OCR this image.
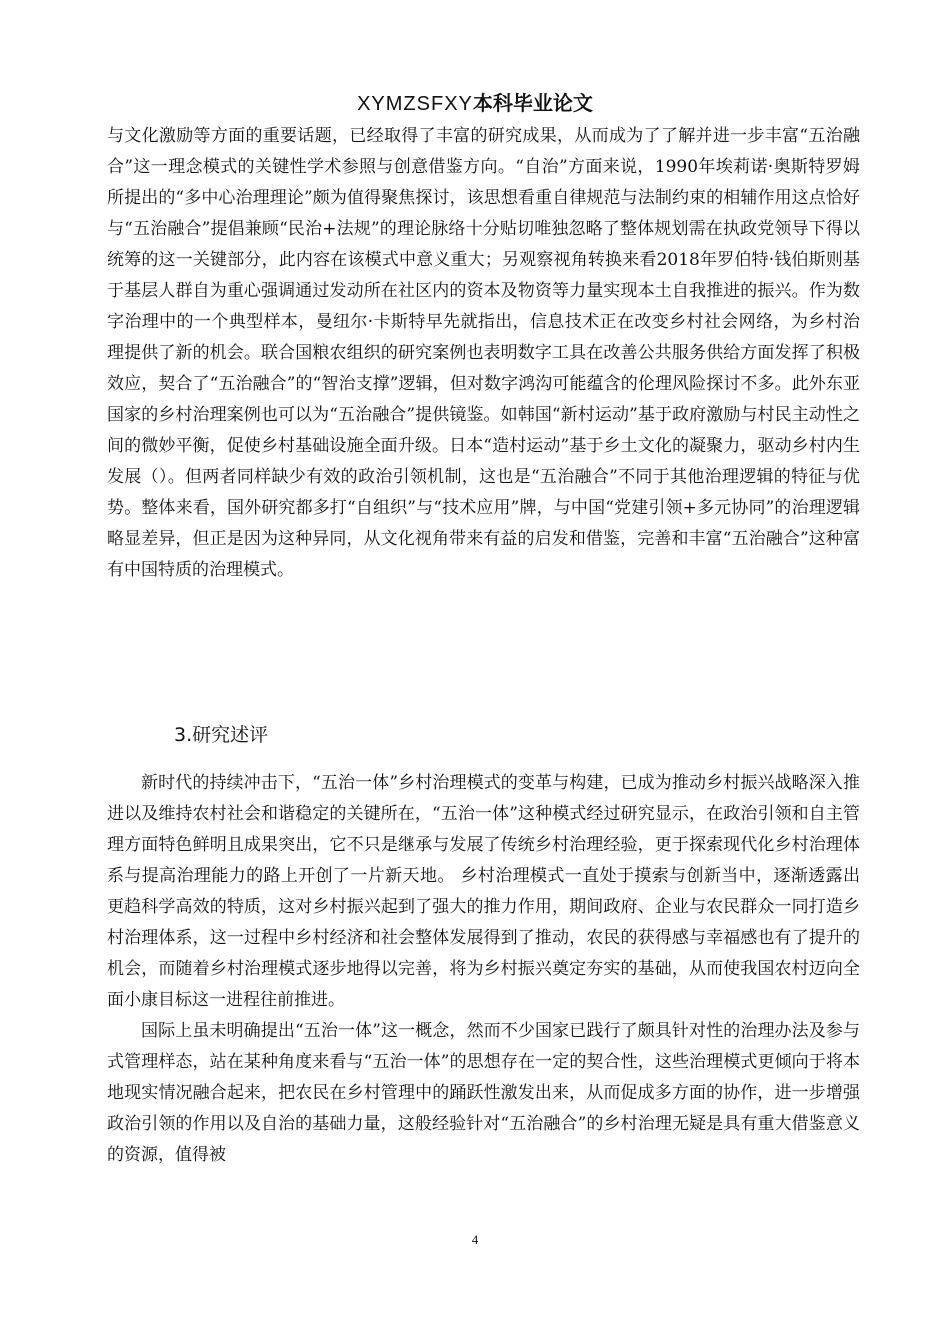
XYMZSFXY本科毕业论文

与文化激励等方面的重要话题，已经取得了丰富的研究成果，从而成为了了解并进一步丰富“五治融合”这一理念模式的关键性学术参照与创意借鉴方向。“自治”方面来说，1990年埃莉诺·奥斯特罗姆所提出的“多中心治理理论”颇为值得聚焦探讨，该思想看重自律规范与法制约束的相辅作用这点恰好与“五治融合”提倡兼顾“民治+法规”的理论脉络十分贴切唯独忽略了整体规划需在执政党领导下得以统筹的这一关键部分，此内容在该模式中意义重大；另观察视角转换来看2018年罗伯特·钱伯斯则基于基层人群自为重心强调通过发动所在社区内的资本及物资等力量实现本土自我推进的振兴。作为数字治理中的一个典型样本，曼纽尔·卡斯特早先就指出，信息技术正在改变乡村社会网络，为乡村治理提供了新的机会。联合国粮农组织的研究案例也表明数字工具在改善公共服务供给方面发挥了积极效应，契合了“五治融合”的“智治支撑”逻辑，但对数字鸿沟可能蕴含的伦理风险探讨不多。此外东亚国家的乡村治理案例也可以为“五治融合”提供镜鉴。如韩国“新村运动”基于政府激励与村民主动性之间的微妙平衡，促使乡村基础设施全面升级。日本“造村运动”基于乡土文化的凝聚力，驱动乡村内生发展（）。但两者同样缺少有效的政治引领机制，这也是“五治融合”不同于其他治理逻辑的特征与优势。整体来看，国外研究都多打“自组织”与“技术应用”牌，与中国“党建引领+多元协同”的治理逻辑略显差异，但正是因为这种异同，从文化视角带来有益的启发和借鉴，完善和丰富“五治融合”这种富有中国特质的治理模式。

3.研究述评

新时代的持续冲击下，“五治一体”乡村治理模式的变革与构建，已成为推动乡村振兴战略深入推进以及维持农村社会和谐稳定的关键所在，“五治一体”这种模式经过研究显示，在政治引领和自主管理方面特色鲜明且成果突出，它不只是继承与发展了传统乡村治理经验，更于探索现代化乡村治理体系与提高治理能力的路上开创了一片新天地。 乡村治理模式一直处于摸索与创新当中，逐渐透露出更趋科学高效的特质，这对乡村振兴起到了强大的推力作用，期间政府、企业与农民群众一同打造乡村治理体系，这一过程中乡村经济和社会整体发展得到了推动，农民的获得感与幸福感也有了提升的机会，而随着乡村治理模式逐步地得以完善，将为乡村振兴奠定夯实的基础，从而使我国农村迈向全面小康目标这一进程往前推进。

国际上虽未明确提出“五治一体”这一概念，然而不少国家已践行了颇具针对性的治理办法及参与式管理样态，站在某种角度来看与“五治一体”的思想存在一定的契合性，这些治理模式更倾向于将本地现实情况融合起来，把农民在乡村管理中的踊跃性激发出来，从而促成多方面的协作，进一步增强政治引领的作用以及自治的基础力量，这般经验针对“五治融合”的乡村治理无疑是具有重大借鉴意义的资源，值得被

4
